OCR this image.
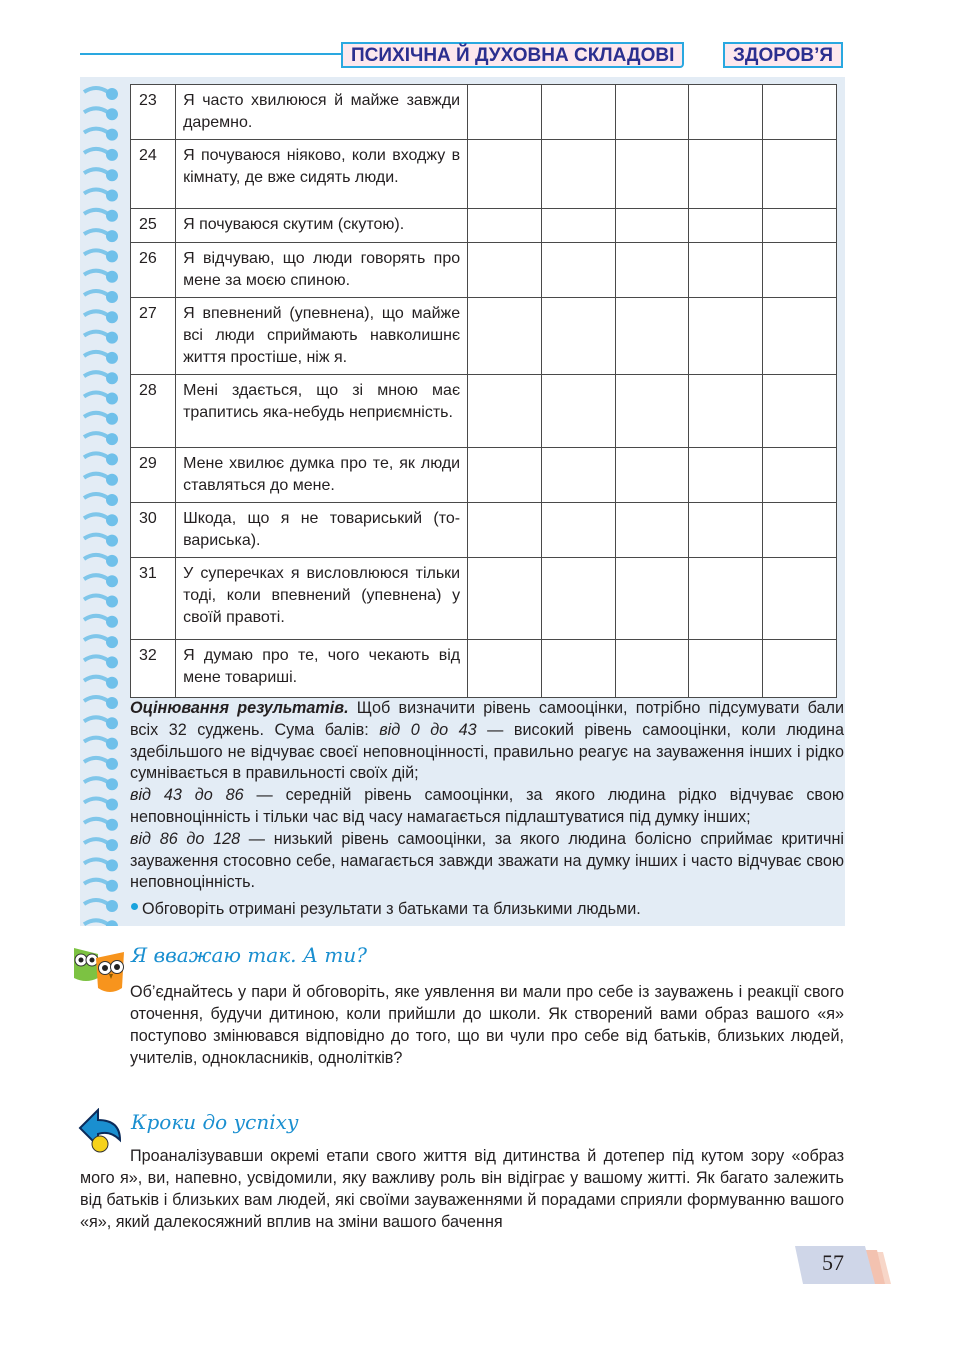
ПСИХІЧНА Й ДУХОВНА СКЛАДОВІ	ЗДОРОВ’Я
23	Я часто хвилююся й майже завжди даремно.					
24	Я почуваюся ніяково, коли входжу в кімнату, де вже сидять люди.					
25	Я почуваюся скутим (скутою).					
26	Я відчуваю, що люди говорять про мене за моєю спиною.					
27	Я впевнений (упевнена), що майже всі люди сприймають навколишнє життя простіше, ніж я.					
28	Мені здається, що зі мною має трапитись яка-небудь неприємність.					
29	Мене хвилює думка про те, як люди ставляться до мене.					
30	Шкода, що я не товариський (товариська).					
31	У суперечках я висловлююся тільки тоді, коли впевнений (упевнена) у своїй правоті.					
32	Я думаю про те, чого чекають від мене товариші.					

Оцінювання результатів. Щоб визначити рівень самооцінки, потрібно підсумувати бали всіх 32 суджень. Сума балів: від 0 до 43 — високий рівень самооцінки, коли людина здебільшого не відчуває своєї неповноцінності, правильно реагує на зауваження інших і рідко сумнівається в правильності своїх дій;
від 43 до 86 — середній рівень самооцінки, за якого людина рідко відчуває свою неповноцінність і тільки час від часу намагається підлаштуватися під думку інших;
від 86 до 128 — низький рівень самооцінки, за якого людина болісно сприймає критичні зауваження стосовно себе, намагається завжди зважати на думку інших і часто відчуває свою неповноцінність.

Обговоріть отримані результати з батьками та близькими людьми.
Я вважаю так. А ти?

Об’єднайтесь у пари й обговоріть, яке уявлення ви мали про себе із зауважень і реакції свого оточення, будучи дитиною, коли прийшли до школи. Як створений вами образ вашого «я» поступово змінювався відповідно до того, що ви чули про себе від батьків, близьких людей, учителів, однокласників, однолітків?

Кроки до успіху

Проаналізувавши окремі етапи свого життя від дитинства й дотепер під кутом зору «образ мого я», ви, напевно, усвідомили, яку важливу роль він відіграє у вашому житті. Як багато залежить від батьків і близьких вам людей, які своїми зауваженнями й порадами сприяли формуванню вашого «я», який далекосяжний вплив на зміни вашого бачення

57
